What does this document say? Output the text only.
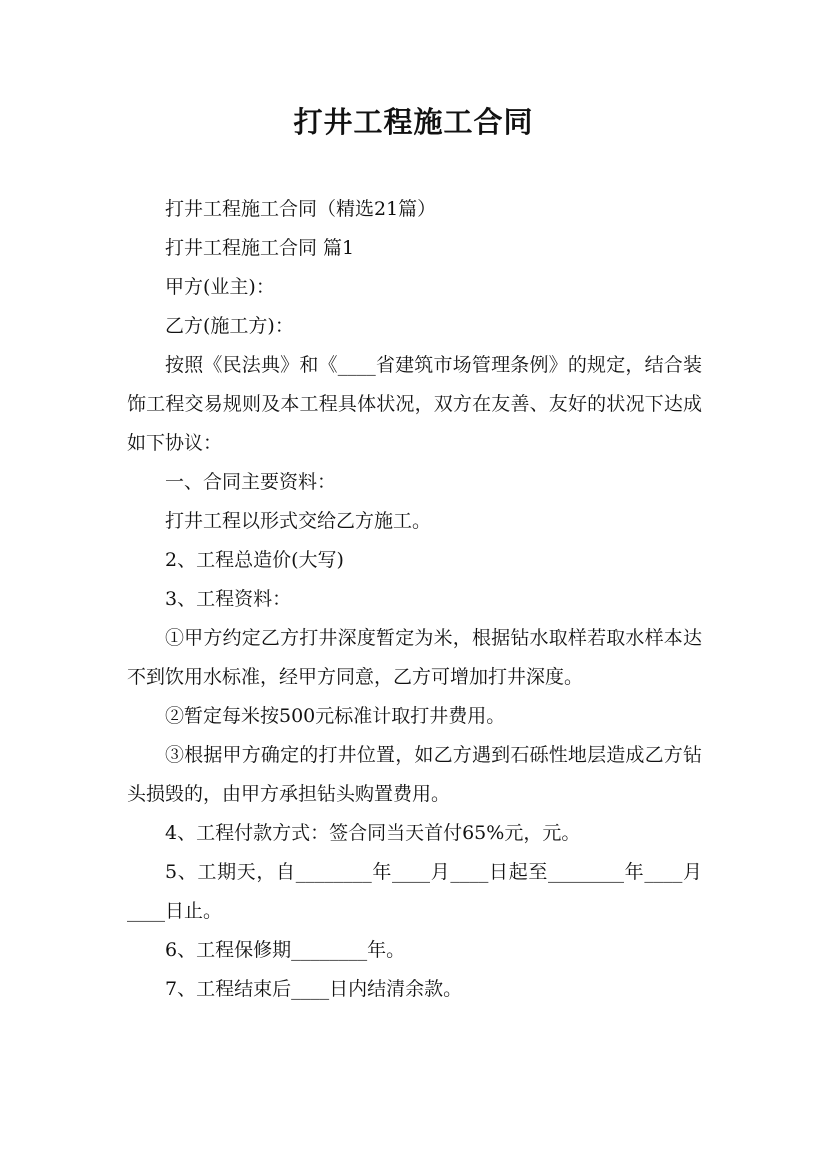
打井工程施工合同

打井工程施工合同（精选21篇）

打井工程施工合同 篇1

甲方(业主)：

乙方(施工方)：

按照《民法典》和《____省建筑市场管理条例》的规定，结合装饰工程交易规则及本工程具体状况，双方在友善、友好的状况下达成如下协议：

一、合同主要资料：

打井工程以形式交给乙方施工。

2、工程总造价(大写)

3、工程资料：

①甲方约定乙方打井深度暂定为米，根据钻水取样若取水样本达不到饮用水标准，经甲方同意，乙方可增加打井深度。

②暂定每米按500元标准计取打井费用。

③根据甲方确定的打井位置，如乙方遇到石砾性地层造成乙方钻头损毁的，由甲方承担钻头购置费用。

4、工程付款方式：签合同当天首付65%元，元。

5、工期天，自________年____月____日起至________年____月____日止。

6、工程保修期________年。

7、工程结束后____日内结清余款。
